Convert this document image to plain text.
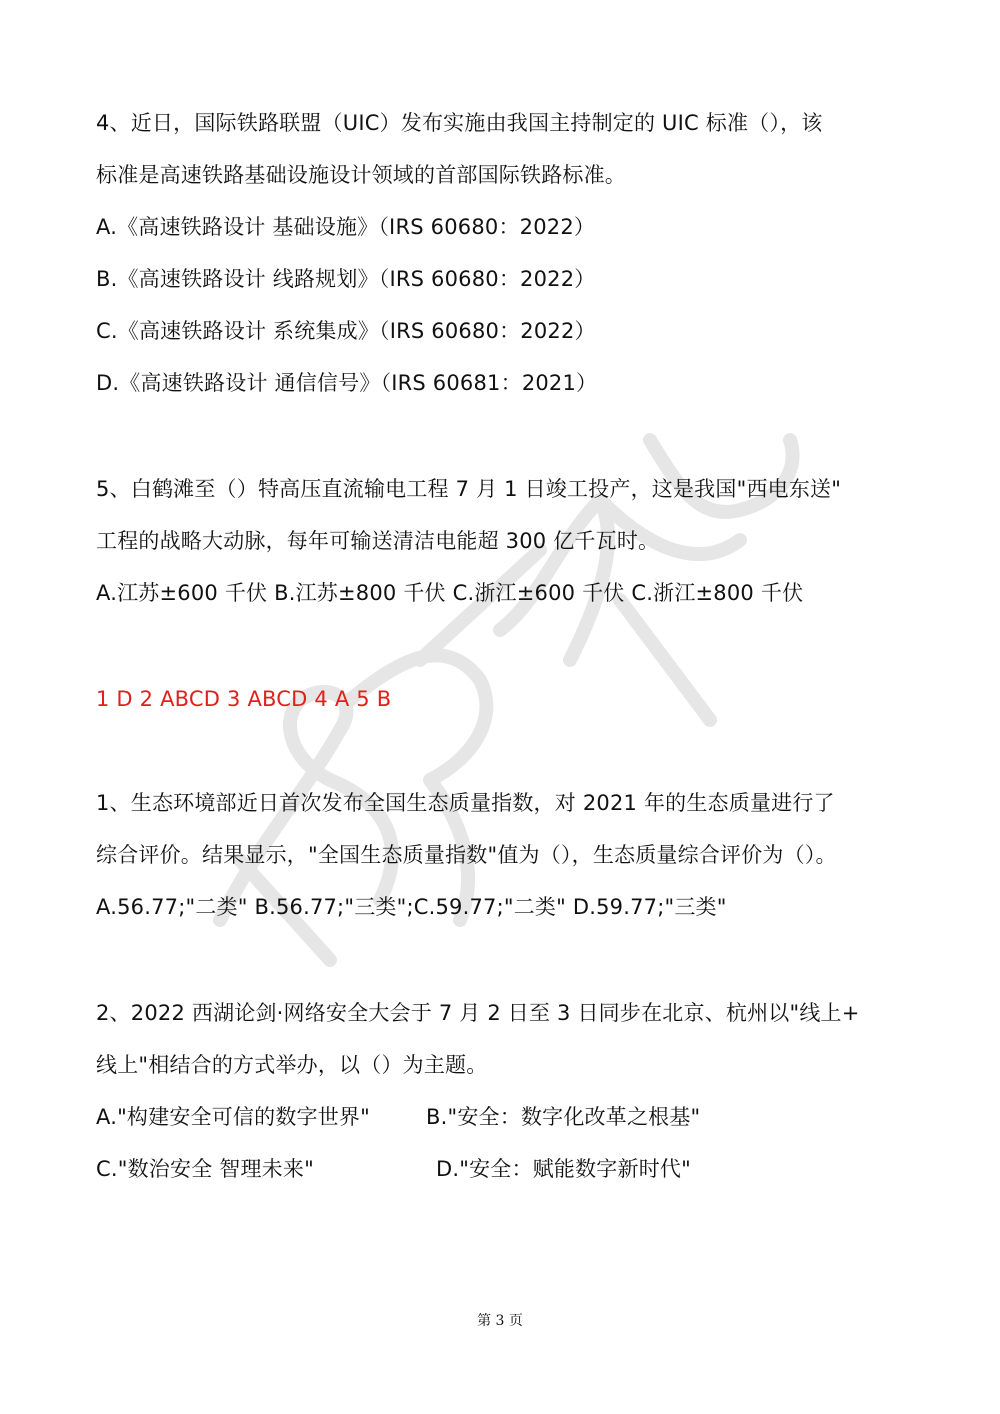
4、近日，国际铁路联盟（UIC）发布实施由我国主持制定的 UIC 标准（），该
标准是高速铁路基础设施设计领域的首部国际铁路标准。
A.《高速铁路设计 基础设施》（IRS 60680：2022）
B.《高速铁路设计 线路规划》（IRS 60680：2022）
C.《高速铁路设计 系统集成》（IRS 60680：2022）
D.《高速铁路设计 通信信号》（IRS 60681：2021）
5、白鹤滩至（）特高压直流输电工程 7 月 1 日竣工投产，这是我国"西电东送"
工程的战略大动脉，每年可输送清洁电能超 300 亿千瓦时。
A.江苏±600 千伏 B.江苏±800 千伏 C.浙江±600 千伏 C.浙江±800 千伏
1 D 2 ABCD 3 ABCD 4 A 5 B
1、生态环境部近日首次发布全国生态质量指数，对 2021 年的生态质量进行了
综合评价。结果显示，"全国生态质量指数"值为（），生态质量综合评价为（）。
A.56.77;"二类" B.56.77;"三类";C.59.77;"二类" D.59.77;"三类"
2、2022 西湖论剑·网络安全大会于 7 月 2 日至 3 日同步在北京、杭州以"线上+
线上"相结合的方式举办，以（）为主题。
A."构建安全可信的数字世界"	B."安全：数字化改革之根基"
C."数治安全 智理未来"	D."安全：赋能数字新时代"
第 3 页
